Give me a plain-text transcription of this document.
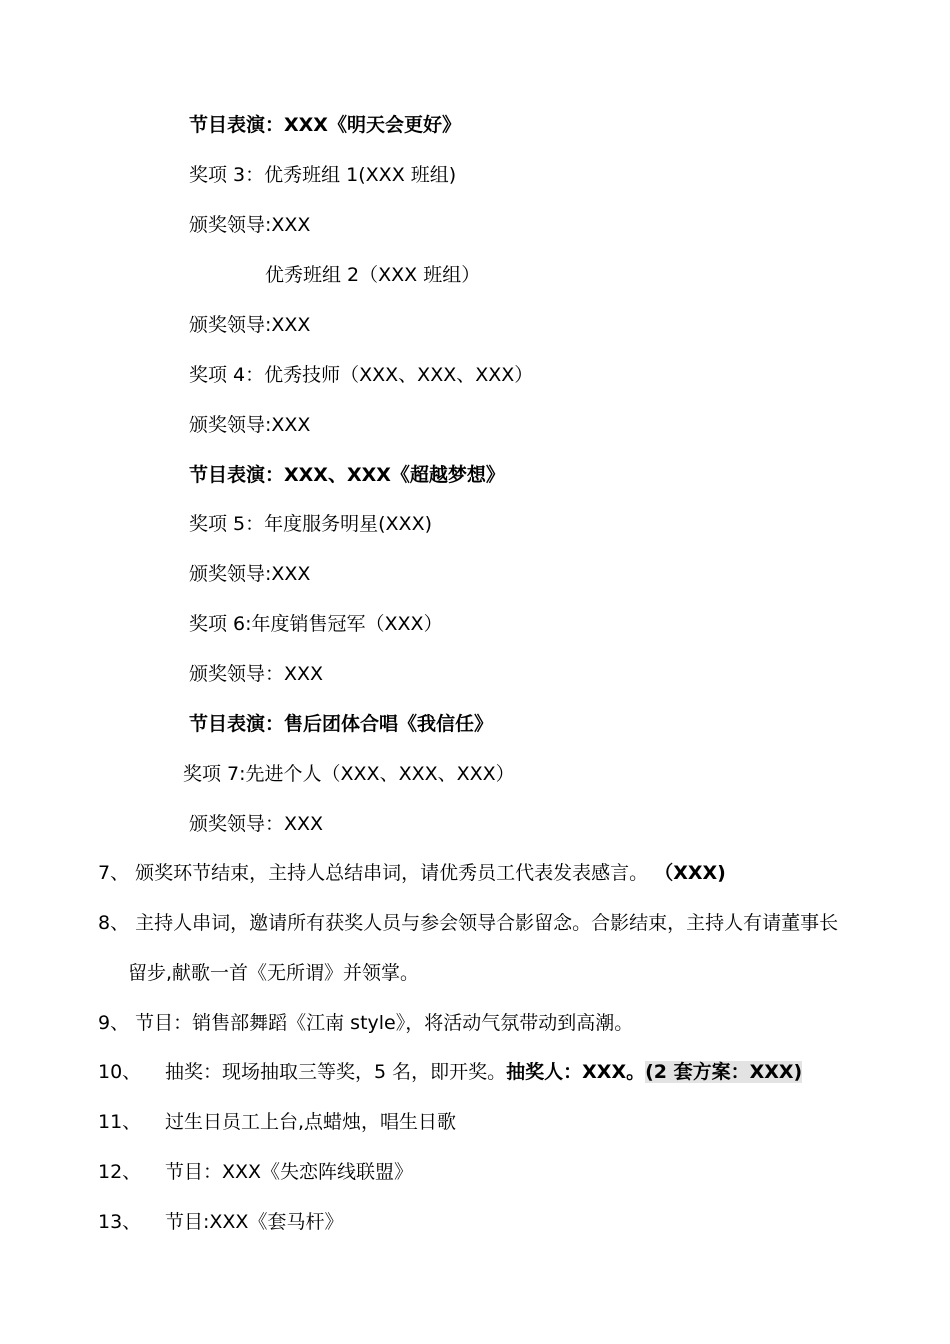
节目表演：XXX《明天会更好》
奖项 3：优秀班组 1(XXX 班组)
颁奖领导:XXX
优秀班组 2（XXX 班组）
颁奖领导:XXX
奖项 4：优秀技师（XXX、XXX、XXX）
颁奖领导:XXX
节目表演：XXX、XXX《超越梦想》
奖项 5：年度服务明星(XXX)
颁奖领导:XXX
奖项 6:年度销售冠军（XXX）
颁奖领导：XXX
节目表演：售后团体合唱《我信任》
奖项 7:先进个人（XXX、XXX、XXX）
颁奖领导：XXX
7、 颁奖环节结束，主持人总结串词，请优秀员工代表发表感言。 （XXX)
8、 主持人串词，邀请所有获奖人员与参会领导合影留念。合影结束，主持人有请董事长
留步,献歌一首《无所谓》并领掌。
9、 节目：销售部舞蹈《江南 style》，将活动气氛带动到高潮。
10、 抽奖：现场抽取三等奖，5 名，即开奖。抽奖人：XXX。(2 套方案：XXX)
11、 过生日员工上台,点蜡烛，唱生日歌
12、 节目：XXX《失恋阵线联盟》
13、 节目:XXX《套马杆》
